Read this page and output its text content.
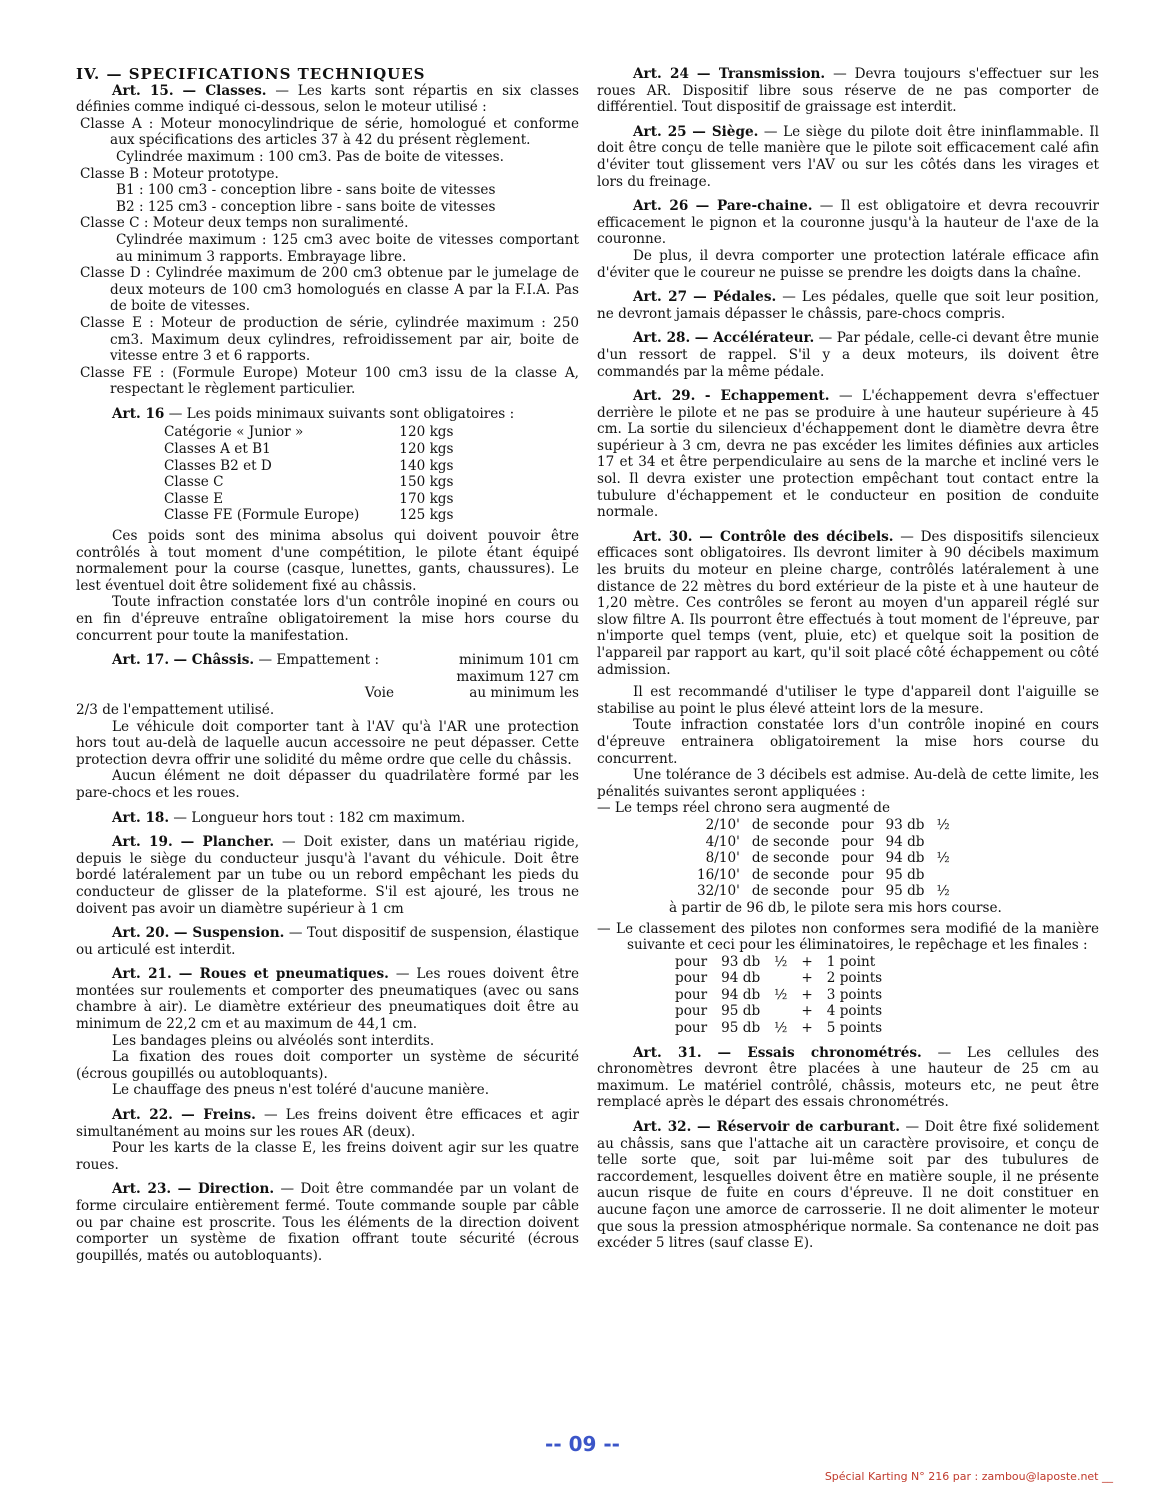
IV. — SPECIFICATIONS TECHNIQUES

Art. 15. — Classes. — Les karts sont répartis en six classes définies comme indiqué ci-dessous, selon le moteur utilisé :

Classe A : Moteur monocylindrique de série, homologué et conforme aux spécifications des articles 37 à 42 du présent règlement.

Cylindrée maximum : 100 cm3. Pas de boite de vitesses.

Classe B : Moteur prototype.

B1 : 100 cm3 - conception libre - sans boite de vitesses

B2 : 125 cm3 - conception libre - sans boite de vitesses

Classe C : Moteur deux temps non suralimenté.

Cylindrée maximum : 125 cm3 avec boite de vitesses comportant au minimum 3 rapports. Embrayage libre.

Classe D : Cylindrée maximum de 200 cm3 obtenue par le jumelage de deux moteurs de 100 cm3 homologués en classe A par la F.I.A. Pas de boite de vitesses.

Classe E : Moteur de production de série, cylindrée maximum : 250 cm3. Maximum deux cylindres, refroidissement par air, boite de vitesse entre 3 et 6 rapports.

Classe FE : (Formule Europe) Moteur 100 cm3 issu de la classe A, respectant le règlement particulier.

Art. 16 — Les poids minimaux suivants sont obligatoires :

Catégorie « Junior »	120 kgs
Classes A et B1	120 kgs
Classes B2 et D	140 kgs
Classe C	150 kgs
Classe E	170 kgs
Classe FE (Formule Europe)	125 kgs

Ces poids sont des minima absolus qui doivent pouvoir être contrôlés à tout moment d'une compétition, le pilote étant équipé normalement pour la course (casque, lunettes, gants, chaussures). Le lest éventuel doit être solidement fixé au châssis.

Toute infraction constatée lors d'un contrôle inopiné en cours ou en fin d'épreuve entraîne obligatoirement la mise hors course du concurrent pour toute la manifestation.

Art. 17. — Châssis. — Empattement :	minimum 101 cm
	maximum 127 cm
Voie	au minimum les

2/3 de l'empattement utilisé.

Le véhicule doit comporter tant à l'AV qu'à l'AR une protection hors tout au-delà de laquelle aucun accessoire ne peut dépasser. Cette protection devra offrir une solidité du même ordre que celle du châssis.

Aucun élément ne doit dépasser du quadrilatère formé par les pare-chocs et les roues.

Art. 18. — Longueur hors tout : 182 cm maximum.

Art. 19. — Plancher. — Doit exister, dans un matériau rigide, depuis le siège du conducteur jusqu'à l'avant du véhicule. Doit être bordé latéralement par un tube ou un rebord empêchant les pieds du conducteur de glisser de la plateforme. S'il est ajouré, les trous ne doivent pas avoir un diamètre supérieur à 1 cm

Art. 20. — Suspension. — Tout dispositif de suspension, élastique ou articulé est interdit.

Art. 21. — Roues et pneumatiques. — Les roues doivent être montées sur roulements et comporter des pneumatiques (avec ou sans chambre à air). Le diamètre extérieur des pneumatiques doit être au minimum de 22,2 cm et au maximum de 44,1 cm.

Les bandages pleins ou alvéolés sont interdits.

La fixation des roues doit comporter un système de sécurité (écrous goupillés ou autobloquants).

Le chauffage des pneus n'est toléré d'aucune manière.

Art. 22. — Freins. — Les freins doivent être efficaces et agir simultanément au moins sur les roues AR (deux).

Pour les karts de la classe E, les freins doivent agir sur les quatre roues.

Art. 23. — Direction. — Doit être commandée par un volant de forme circulaire entièrement fermé. Toute commande souple par câble ou par chaine est proscrite. Tous les éléments de la direction doivent comporter un système de fixation offrant toute sécurité (écrous goupillés, matés ou autobloquants).

Art. 24 — Transmission. — Devra toujours s'effectuer sur les roues AR. Dispositif libre sous réserve de ne pas comporter de différentiel. Tout dispositif de graissage est interdit.

Art. 25 — Siège. — Le siège du pilote doit être ininflammable. Il doit être conçu de telle manière que le pilote soit efficacement calé afin d'éviter tout glissement vers l'AV ou sur les côtés dans les virages et lors du freinage.

Art. 26 — Pare-chaine. — Il est obligatoire et devra recouvrir efficacement le pignon et la couronne jusqu'à la hauteur de l'axe de la couronne.

De plus, il devra comporter une protection latérale efficace afin d'éviter que le coureur ne puisse se prendre les doigts dans la chaîne.

Art. 27 — Pédales. — Les pédales, quelle que soit leur position, ne devront jamais dépasser le châssis, pare-chocs compris.

Art. 28. — Accélérateur. — Par pédale, celle-ci devant être munie d'un ressort de rappel. S'il y a deux moteurs, ils doivent être commandés par la même pédale.

Art. 29. - Echappement. — L'échappement devra s'effectuer derrière le pilote et ne pas se produire à une hauteur supérieure à 45 cm. La sortie du silencieux d'échappement dont le diamètre devra être supérieur à 3 cm, devra ne pas excéder les limites définies aux articles 17 et 34 et être perpendiculaire au sens de la marche et incliné vers le sol. Il devra exister une protection empêchant tout contact entre la tubulure d'échappement et le conducteur en position de conduite normale.

Art. 30. — Contrôle des décibels. — Des dispositifs silencieux efficaces sont obligatoires. Ils devront limiter à 90 décibels maximum les bruits du moteur en pleine charge, contrôlés latéralement à une distance de 22 mètres du bord extérieur de la piste et à une hauteur de 1,20 mètre. Ces contrôles se feront au moyen d'un appareil réglé sur slow filtre A. Ils pourront être effectués à tout moment de l'épreuve, par n'importe quel temps (vent, pluie, etc) et quelque soit la position de l'appareil par rapport au kart, qu'il soit placé côté échappement ou côté admission.

Il est recommandé d'utiliser le type d'appareil dont l'aiguille se stabilise au point le plus élevé atteint lors de la mesure.

Toute infraction constatée lors d'un contrôle inopiné en cours d'épreuve entrainera obligatoirement la mise hors course du concurrent.

Une tolérance de 3 décibels est admise. Au-delà de cette limite, les pénalités suivantes seront appliquées :

— Le temps réel chrono sera augmenté de

2/10'	de seconde	pour	93 db	½
4/10'	de seconde	pour	94 db	
8/10'	de seconde	pour	94 db	½
16/10'	de seconde	pour	95 db	
32/10'	de seconde	pour	95 db	½

à partir de 96 db, le pilote sera mis hors course.

— Le classement des pilotes non conformes sera modifié de la manière suivante et ceci pour les éliminatoires, le repêchage et les finales :

pour	93 db	½	+	1 point
pour	94 db		+	2 points
pour	94 db	½	+	3 points
pour	95 db		+	4 points
pour	95 db	½	+	5 points

Art. 31. — Essais chronométrés. — Les cellules des chronomètres devront être placées à une hauteur de 25 cm au maximum. Le matériel contrôlé, châssis, moteurs etc, ne peut être remplacé après le départ des essais chronométrés.

Art. 32. — Réservoir de carburant. — Doit être fixé solidement au châssis, sans que l'attache ait un caractère provisoire, et conçu de telle sorte que, soit par lui-même soit par des tubulures de raccordement, lesquelles doivent être en matière souple, il ne présente aucun risque de fuite en cours d'épreuve. Il ne doit constituer en aucune façon une amorce de carrosserie. Il ne doit alimenter le moteur que sous la pression atmosphérique normale. Sa contenance ne doit pas excéder 5 litres (sauf classe E).

-- 09 --
Spécial Karting N° 216 par : zambou@laposte.net __
